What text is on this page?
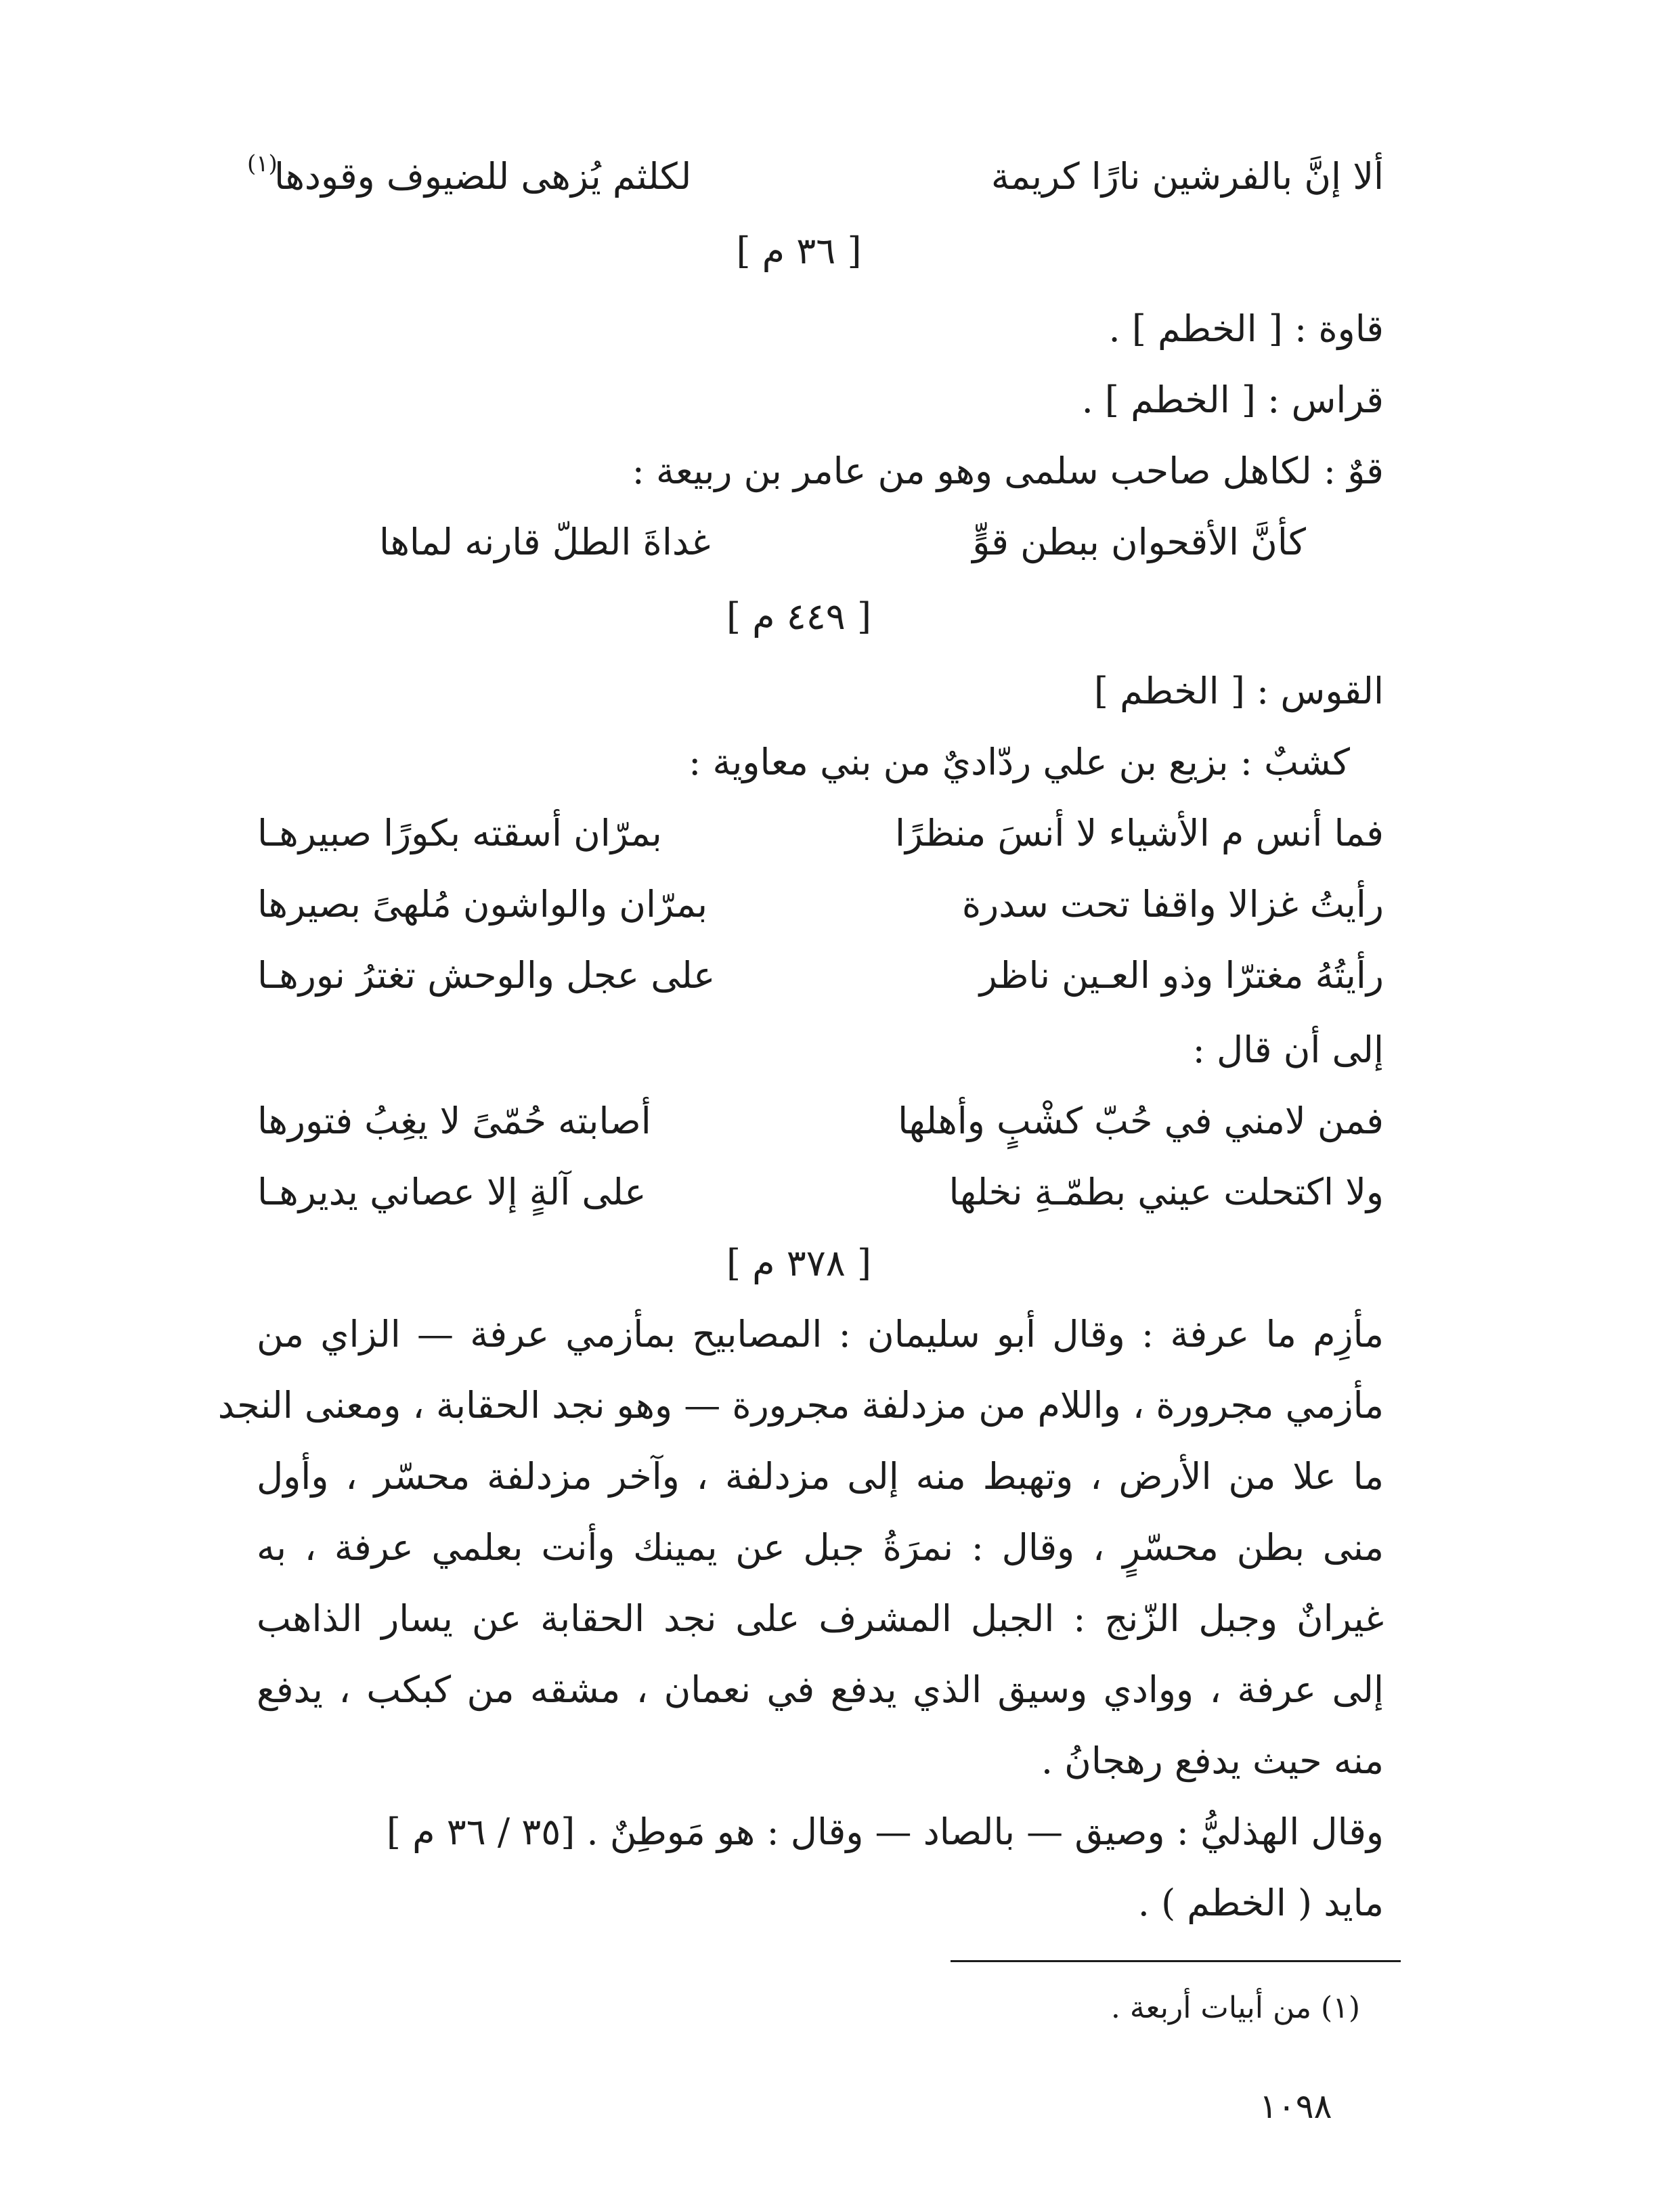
ألا إنَّ بالفرشين نارًا كريمة
لكلثم يُزهى للضيوف وقودها
(١)
[ ٣٦ م ]
قاوة : [ الخطم ] .
قراس : [ الخطم ] .
قوٌ : لكاهل صاحب سلمى وهو من عامر بن ربيعة :
كأنَّ الأقحوان ببطن قوٍّ
غداةَ الطلّ قارنه لماها
[ ٤٤٩ م ]
القوس : [ الخطم ]
كشبٌ : بزيع بن علي ردّاديٌ من بني معاوية :
فما أنس م الأشياء لا أنسَ منظرًا
بمرّان أسقته بكورًا صبيرهـا
رأيتُ غزالا واقفا تحت سدرة
بمرّان والواشون مُلهىً بصيرها
رأيتُهُ مغترّا وذو العـين ناظر
على عجل والوحش تغترُ نورهـا
إلى أن قال :
فمن لامني في حُبّ كشْبٍ وأهلها
أصابته حُمّىً لا يغِبُ فتورها
ولا اكتحلت عيني بطمّـةِ نخلها
على آلةٍ إلا عصاني يديرهـا
[ ٣٧٨ م ]
مأزِم ما عرفة : وقال أبو سليمان : المصابيح بمأزمي عرفة — الزاي من
مأزمي مجرورة ، واللام من مزدلفة مجرورة — وهو نجد الحقابة ، ومعنى النجد
ما علا من الأرض ، وتهبط منه إلى مزدلفة ، وآخر مزدلفة محسّر ، وأول
منى بطن محسّرٍ ، وقال : نمرَةُ جبل عن يمينك وأنت بعلمي عرفة ، به
غيرانٌ وجبل الزّنج : الجبل المشرف على نجد الحقابة عن يسار الذاهب
إلى عرفة ، ووادي وسيق الذي يدفع في نعمان ، مشقه من كبكب ، يدفع
منه حيث يدفع رهجانُ .
وقال الهذليُّ : وصيق — بالصاد — وقال : هو مَوطِنٌ . [٣٥ / ٣٦ م ]
مايد ( الخطم ) .
(١) من أبيات أربعة .
١٠٩٨
